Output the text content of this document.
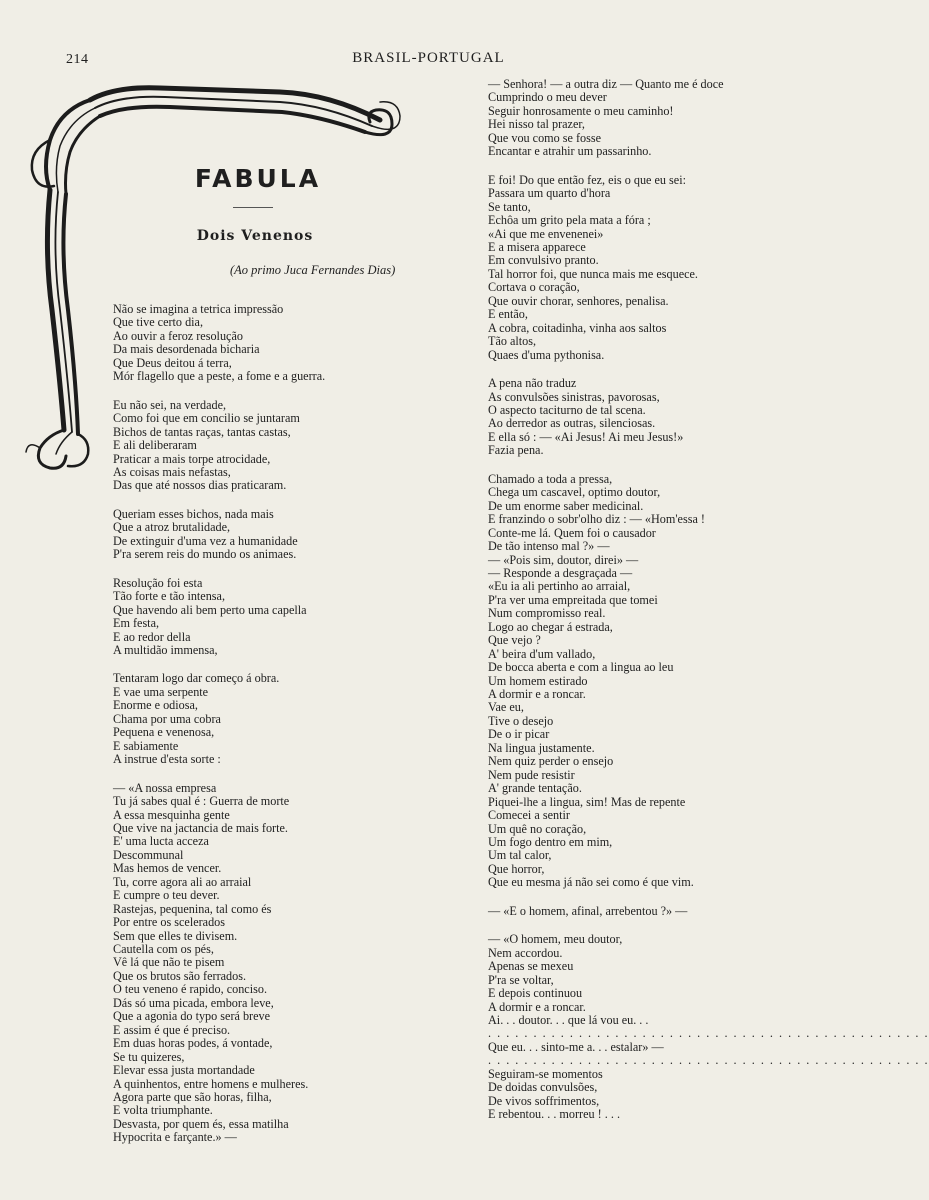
214	BRASIL-PORTUGAL
FABULA
Dois Venenos
(Ao primo Juca Fernandes Dias)
Não se imagina a tetrica impressão
Que tive certo dia,
Ao ouvir a feroz resolução
Da mais desordenada bicharia
Que Deus deitou á terra,
Mór flagello que a peste, a fome e a guerra.
Eu não sei, na verdade,
Como foi que em concilio se juntaram
Bichos de tantas raças, tantas castas,
E ali deliberaram
Praticar a mais torpe atrocidade,
As coisas mais nefastas,
Das que até nossos dias praticaram.
Queriam esses bichos, nada mais
Que a atroz brutalidade,
De extinguir d'uma vez a humanidade
P'ra serem reis do mundo os animaes.
Resolução foi esta
Tão forte e tão intensa,
Que havendo ali bem perto uma capella
Em festa,
E ao redor della
A multidão immensa,
Tentaram logo dar começo á obra.
E vae uma serpente
Enorme e odiosa,
Chama por uma cobra
Pequena e venenosa,
E sabiamente
A instrue d'esta sorte :
— «A nossa empresa
Tu já sabes qual é : Guerra de morte
A essa mesquinha gente
Que vive na jactancia de mais forte.
E' uma lucta acceza
Descommunal
Mas hemos de vencer.
Tu, corre agora ali ao arraial
E cumpre o teu dever.
Rastejas, pequenina, tal como és
Por entre os scelerados
Sem que elles te divisem.
Cautella com os pés,
Vê lá que não te pisem
Que os brutos são ferrados.
O teu veneno é rapido, conciso.
Dás só uma picada, embora leve,
Que a agonia do typo será breve
E assim é que é preciso.
Em duas horas podes, á vontade,
Se tu quizeres,
Elevar essa justa mortandade
A quinhentos, entre homens e mulheres.
Agora parte que são horas, filha,
E volta triumphante.
Desvasta, por quem és, essa matilha
Hypocrita e farçante.» —
— Senhora! — a outra diz — Quanto me é doce
Cumprindo o meu dever
Seguir honrosamente o meu caminho!
Hei nisso tal prazer,
Que vou como se fosse
Encantar e atrahir um passarinho.
E foi! Do que então fez, eis o que eu sei:
Passara um quarto d'hora
Se tanto,
Echôa um grito pela mata a fóra ;
«Ai que me envenenei»
E a misera apparece
Em convulsivo pranto.
Tal horror foi, que nunca mais me esquece.
Cortava o coração,
Que ouvir chorar, senhores, penalisa.
E então,
A cobra, coitadinha, vinha aos saltos
Tão altos,
Quaes d'uma pythonisa.
A pena não traduz
As convulsões sinistras, pavorosas,
O aspecto taciturno de tal scena.
Ao derredor as outras, silenciosas.
E ella só : — «Ai Jesus! Ai meu Jesus!»
Fazia pena.
Chamado a toda a pressa,
Chega um cascavel, optimo doutor,
De um enorme saber medicinal.
E franzindo o sobr'olho diz : — «Hom'essa !
Conte-me lá. Quem foi o causador
De tão intenso mal ?» —
— «Pois sim, doutor, direi» —
— Responde a desgraçada —
«Eu ia ali pertinho ao arraial,
P'ra ver uma empreitada que tomei
Num compromisso real.
Logo ao chegar á estrada,
Que vejo ?
A' beira d'um vallado,
De bocca aberta e com a lingua ao leu
Um homem estirado
A dormir e a roncar.
Vae eu,
Tive o desejo
De o ir picar
Na lingua justamente.
Nem quiz perder o ensejo
Nem pude resistir
A' grande tentação.
Piquei-lhe a lingua, sim! Mas de repente
Comecei a sentir
Um quê no coração,
Um fogo dentro em mim,
Um tal calor,
Que horror,
Que eu mesma já não sei como é que vim.
— «E o homem, afinal, arrebentou ?» —
— «O homem, meu doutor,
Nem accordou.
Apenas se mexeu
P'ra se voltar,
E depois continuou
A dormir e a roncar.
Ai. . . doutor. . . que lá vou eu. . .
. . . . . . . . . . . . . . . . . . . . . . . . . . . . . . . . . . . . . . . . . . . . . . . . .
Que eu. . . sinto-me a. . . estalar» —
. . . . . . . . . . . . . . . . . . . . . . . . . . . . . . . . . . . . . . . . . . . . . . . . .
Seguiram-se momentos
De doidas convulsões,
De vivos soffrimentos,
E rebentou. . . morreu ! . . .
